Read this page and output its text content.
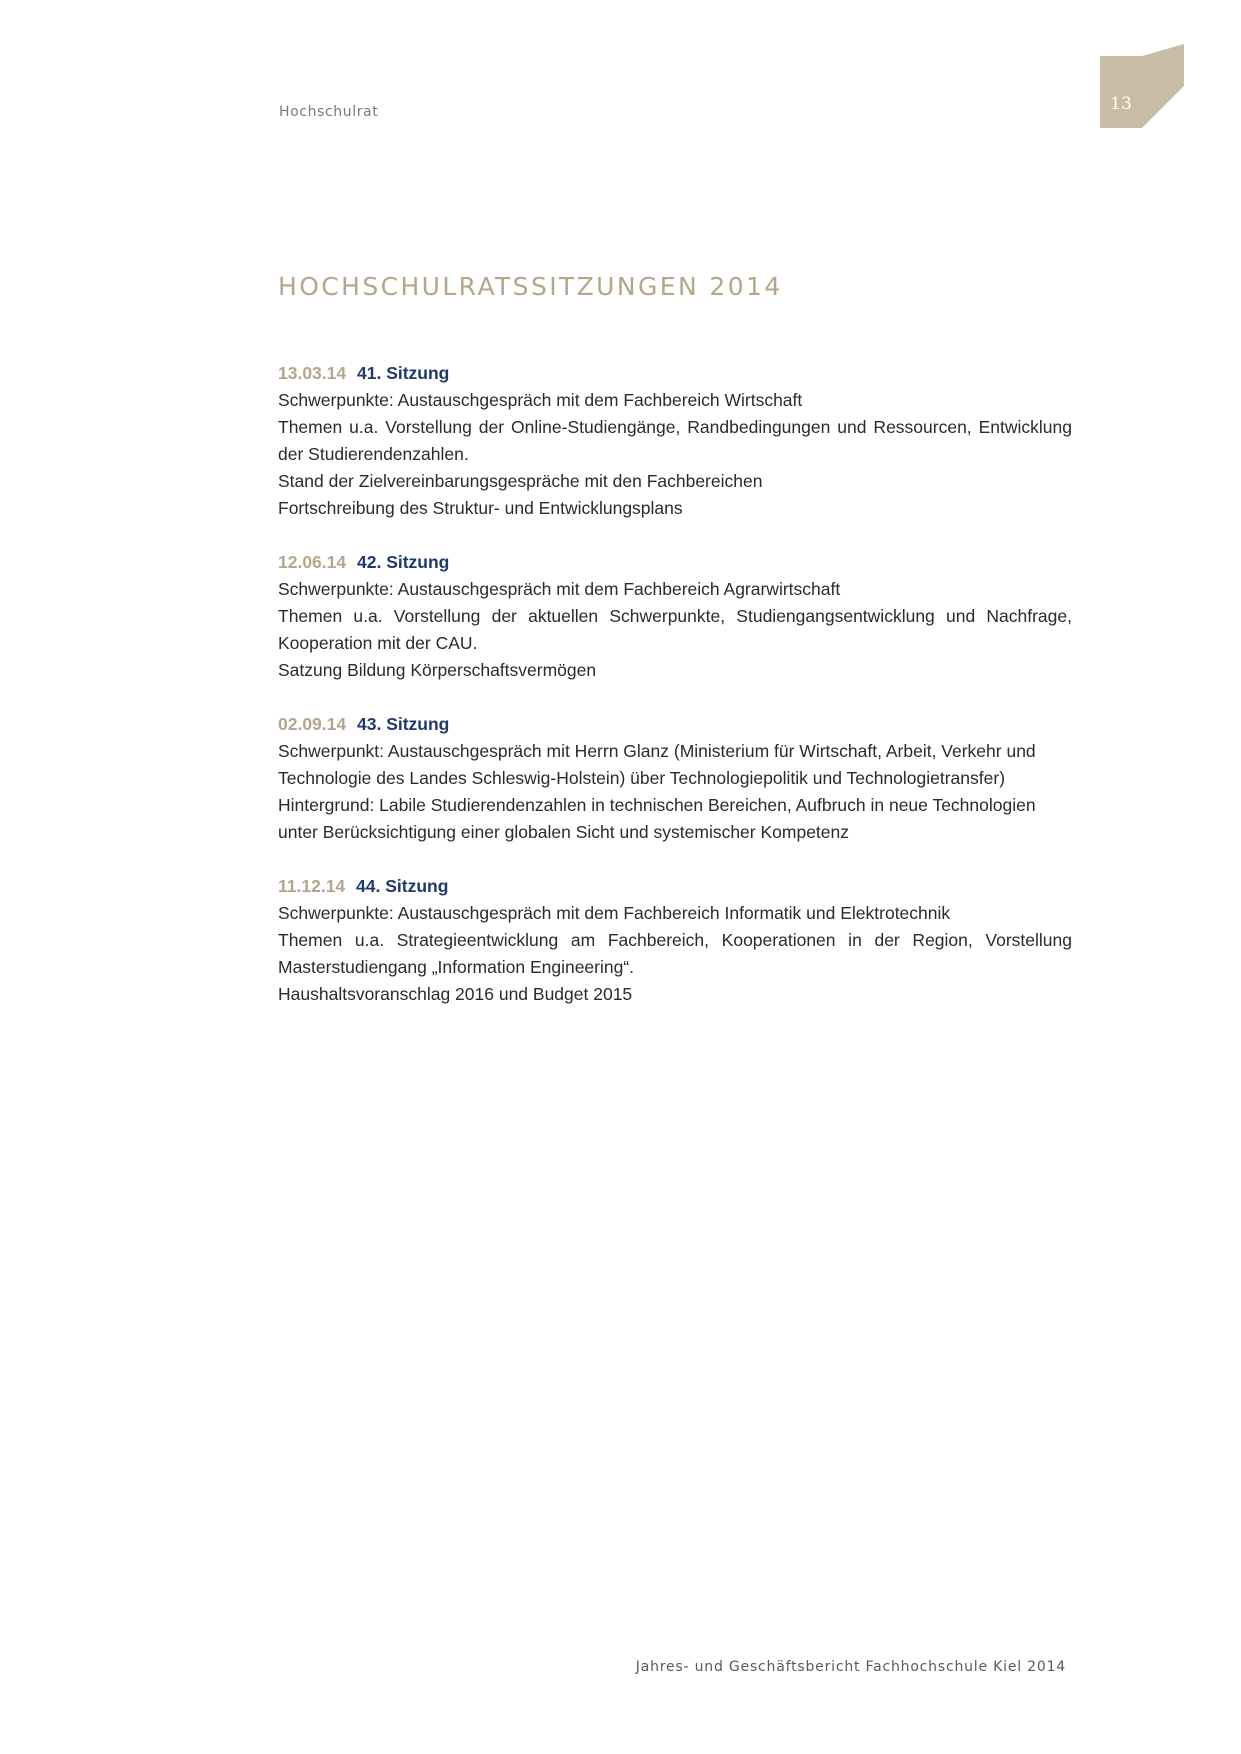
Hochschulrat	13
HOCHSCHULRATSSITZUNGEN 2014
13.03.14 41. Sitzung
Schwerpunkte: Austauschgespräch mit dem Fachbereich Wirtschaft
Themen u.a. Vorstellung der Online-Studiengänge, Randbedingungen und Ressourcen, Entwicklung der Studierendenzahlen.
Stand der Zielvereinbarungsgespräche mit den Fachbereichen
Fortschreibung des Struktur- und Entwicklungsplans
12.06.14 42. Sitzung
Schwerpunkte: Austauschgespräch mit dem Fachbereich Agrarwirtschaft
Themen u.a. Vorstellung der aktuellen Schwerpunkte, Studiengangsentwicklung und Nachfrage, Kooperation mit der CAU.
Satzung Bildung Körperschaftsvermögen
02.09.14 43. Sitzung
Schwerpunkt: Austauschgespräch mit Herrn Glanz (Ministerium für Wirtschaft, Arbeit, Verkehr und Technologie des Landes Schleswig-Holstein) über Technologiepolitik und Technologietransfer)
Hintergrund: Labile Studierendenzahlen in technischen Bereichen, Aufbruch in neue Technologien unter Berücksichtigung einer globalen Sicht und systemischer Kompetenz
11.12.14 44. Sitzung
Schwerpunkte: Austauschgespräch mit dem Fachbereich Informatik und Elektrotechnik
Themen u.a. Strategieentwicklung am Fachbereich, Kooperationen in der Region, Vorstellung Masterstudiengang „Information Engineering“.
Haushaltsvoranschlag 2016 und Budget 2015
Jahres- und Geschäftsbericht Fachhochschule Kiel 2014
